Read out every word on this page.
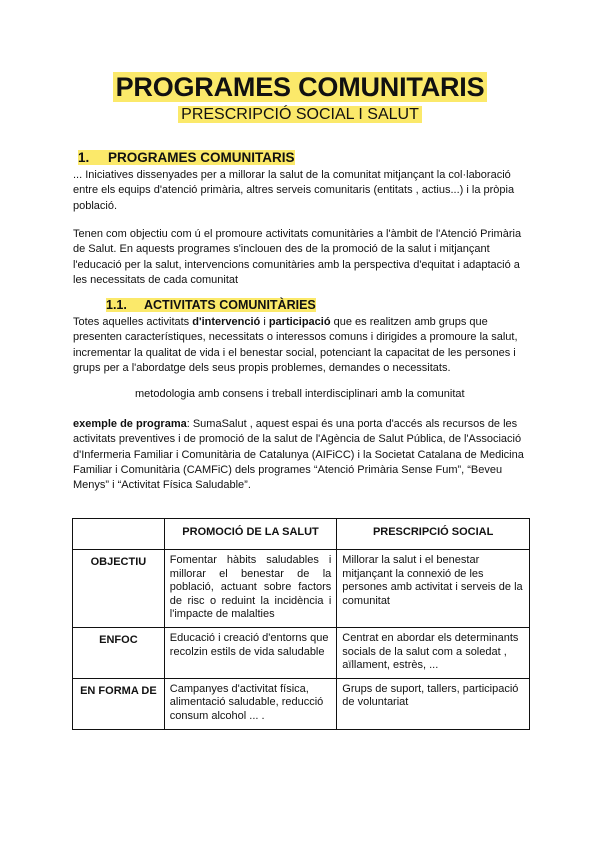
PROGRAMES COMUNITARIS
PRESCRIPCIÓ SOCIAL I SALUT
1. PROGRAMES COMUNITARIS

... Iniciatives dissenyades per a millorar la salut de la comunitat mitjançant la col·laboració entre els equips d'atenció primària, altres serveis comunitaris (entitats , actius...) i la pròpia població.

Tenen com objectiu com ú el promoure activitats comunitàries a l'àmbit de l'Atenció Primària de Salut. En aquests programes s'inclouen des de la promoció de la salut i mitjançant l'educació per la salut, intervencions comunitàries amb la perspectiva d'equitat i adaptació a les necessitats de cada comunitat

1.1. ACTIVITATS COMUNITÀRIES

Totes aquelles activitats d'intervenció i participació que es realitzen amb grups que presenten característiques, necessitats o interessos comuns i dirigides a promoure la salut, incrementar la qualitat de vida i el benestar social, potenciant la capacitat de les persones i grups per a l'abordatge dels seus propis problemes, demandes o necessitats.

metodologia amb consens i treball interdisciplinari amb la comunitat

exemple de programa: SumaSalut , aquest espai és una porta d'accés als recursos de les activitats preventives i de promoció de la salut de l'Agència de Salut Pública, de l'Associació d'Infermeria Familiar i Comunitària de Catalunya (AIFiCC) i la Societat Catalana de Medicina Familiar i Comunitària (CAMFiC) dels programes “Atenció Primària Sense Fum”, “Beveu Menys” i “Activitat Física Saludable”.

	PROMOCIÓ DE LA SALUT	PRESCRIPCIÓ SOCIAL
OBJECTIU	Fomentar hàbits saludables i millorar el benestar de la població, actuant sobre factors de risc o reduint la incidència i l'impacte de malalties	Millorar la salut i el benestar mitjançant la connexió de les persones amb activitat i serveis de la comunitat
ENFOC	Educació i creació d'entorns que recolzin estils de vida saludable	Centrat en abordar els determinants socials de la salut com a soledat , aïllament, estrès, ...
EN FORMA DE	Campanyes d'activitat física, alimentació saludable, reducció consum alcohol ... .	Grups de suport, tallers, participació de voluntariat
